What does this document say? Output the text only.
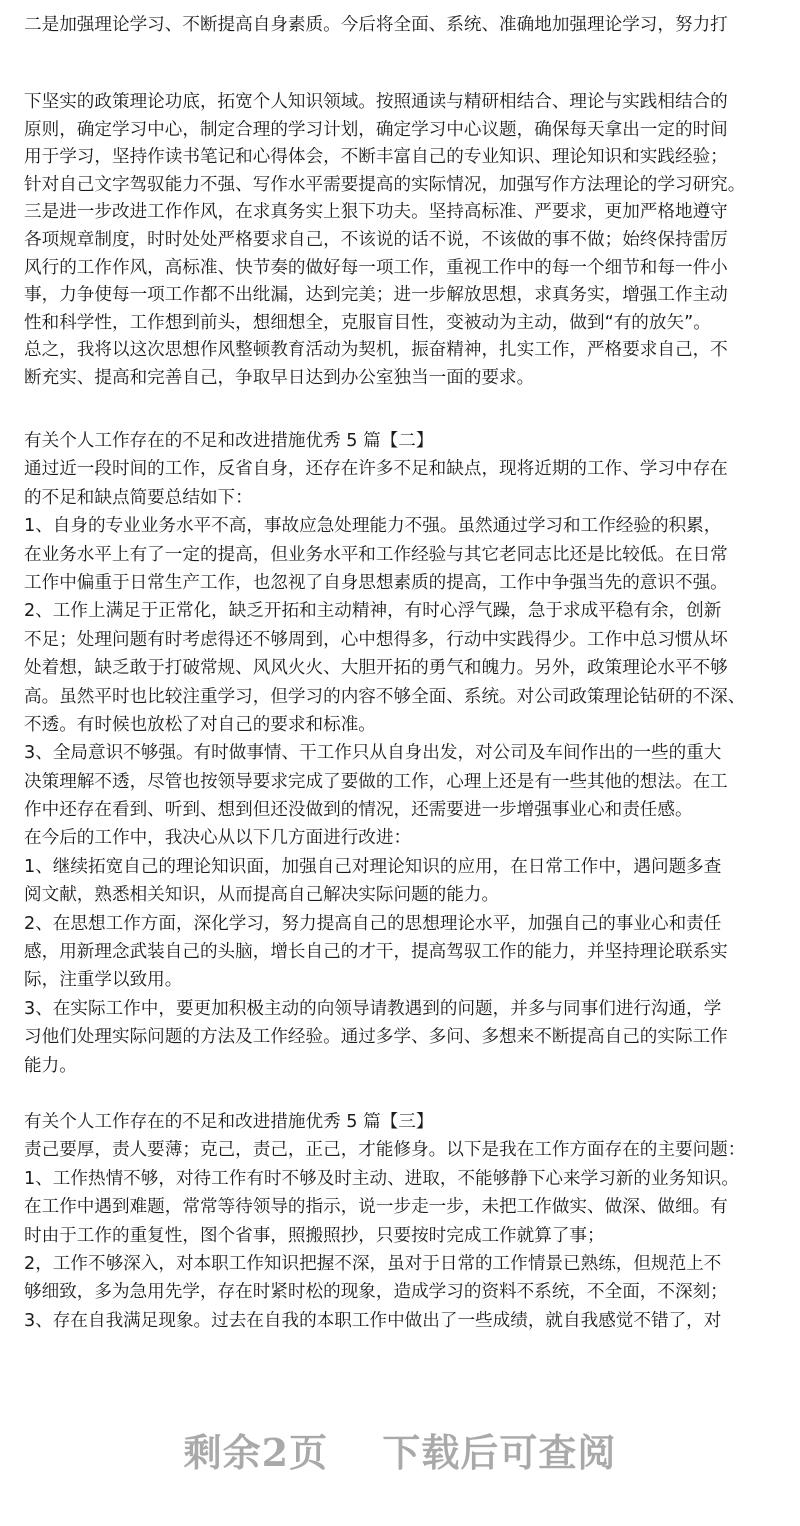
二是加强理论学习、不断提高自身素质。今后将全面、系统、准确地加强理论学习，努力打
下坚实的政策理论功底，拓宽个人知识领域。按照通读与精研相结合、理论与实践相结合的
原则，确定学习中心，制定合理的学习计划，确定学习中心议题，确保每天拿出一定的时间
用于学习，坚持作读书笔记和心得体会，不断丰富自己的专业知识、理论知识和实践经验；
针对自己文字驾驭能力不强、写作水平需要提高的实际情况，加强写作方法理论的学习研究。
三是进一步改进工作作风，在求真务实上狠下功夫。坚持高标准、严要求，更加严格地遵守
各项规章制度，时时处处严格要求自己，不该说的话不说，不该做的事不做；始终保持雷厉
风行的工作作风，高标准、快节奏的做好每一项工作，重视工作中的每一个细节和每一件小
事，力争使每一项工作都不出纰漏，达到完美；进一步解放思想，求真务实，增强工作主动
性和科学性，工作想到前头，想细想全，克服盲目性，变被动为主动，做到“有的放矢”。
总之，我将以这次思想作风整顿教育活动为契机，振奋精神，扎实工作，严格要求自己，不
断充实、提高和完善自己，争取早日达到办公室独当一面的要求。
有关个人工作存在的不足和改进措施优秀 5 篇【二】
通过近一段时间的工作，反省自身，还存在许多不足和缺点，现将近期的工作、学习中存在
的不足和缺点简要总结如下：
1、自身的专业业务水平不高，事故应急处理能力不强。虽然通过学习和工作经验的积累，
在业务水平上有了一定的提高，但业务水平和工作经验与其它老同志比还是比较低。在日常
工作中偏重于日常生产工作，也忽视了自身思想素质的提高，工作中争强当先的意识不强。
2、工作上满足于正常化，缺乏开拓和主动精神，有时心浮气躁，急于求成平稳有余，创新
不足；处理问题有时考虑得还不够周到，心中想得多，行动中实践得少。工作中总习惯从坏
处着想，缺乏敢于打破常规、风风火火、大胆开拓的勇气和魄力。另外，政策理论水平不够
高。虽然平时也比较注重学习，但学习的内容不够全面、系统。对公司政策理论钻研的不深、
不透。有时候也放松了对自己的要求和标准。
3、全局意识不够强。有时做事情、干工作只从自身出发，对公司及车间作出的一些的重大
决策理解不透，尽管也按领导要求完成了要做的工作，心理上还是有一些其他的想法。在工
作中还存在看到、听到、想到但还没做到的情况，还需要进一步增强事业心和责任感。
在今后的工作中，我决心从以下几方面进行改进：
1、继续拓宽自己的理论知识面，加强自己对理论知识的应用，在日常工作中，遇问题多查
阅文献，熟悉相关知识，从而提高自己解决实际问题的能力。
2、在思想工作方面，深化学习，努力提高自己的思想理论水平，加强自己的事业心和责任
感，用新理念武装自己的头脑，增长自己的才干，提高驾驭工作的能力，并坚持理论联系实
际，注重学以致用。
3、在实际工作中，要更加积极主动的向领导请教遇到的问题，并多与同事们进行沟通，学
习他们处理实际问题的方法及工作经验。通过多学、多问、多想来不断提高自己的实际工作
能力。
有关个人工作存在的不足和改进措施优秀 5 篇【三】
责己要厚，责人要薄；克己，责己，正己，才能修身。以下是我在工作方面存在的主要问题：
1、工作热情不够，对待工作有时不够及时主动、进取，不能够静下心来学习新的业务知识。
在工作中遇到难题，常常等待领导的指示，说一步走一步，未把工作做实、做深、做细。有
时由于工作的重复性，图个省事，照搬照抄，只要按时完成工作就算了事；
2，工作不够深入，对本职工作知识把握不深，虽对于日常的工作情景已熟练，但规范上不
够细致，多为急用先学，存在时紧时松的现象，造成学习的资料不系统，不全面，不深刻；
3、存在自我满足现象。过去在自我的本职工作中做出了一些成绩，就自我感觉不错了，对
剩余2页 下载后可查阅
